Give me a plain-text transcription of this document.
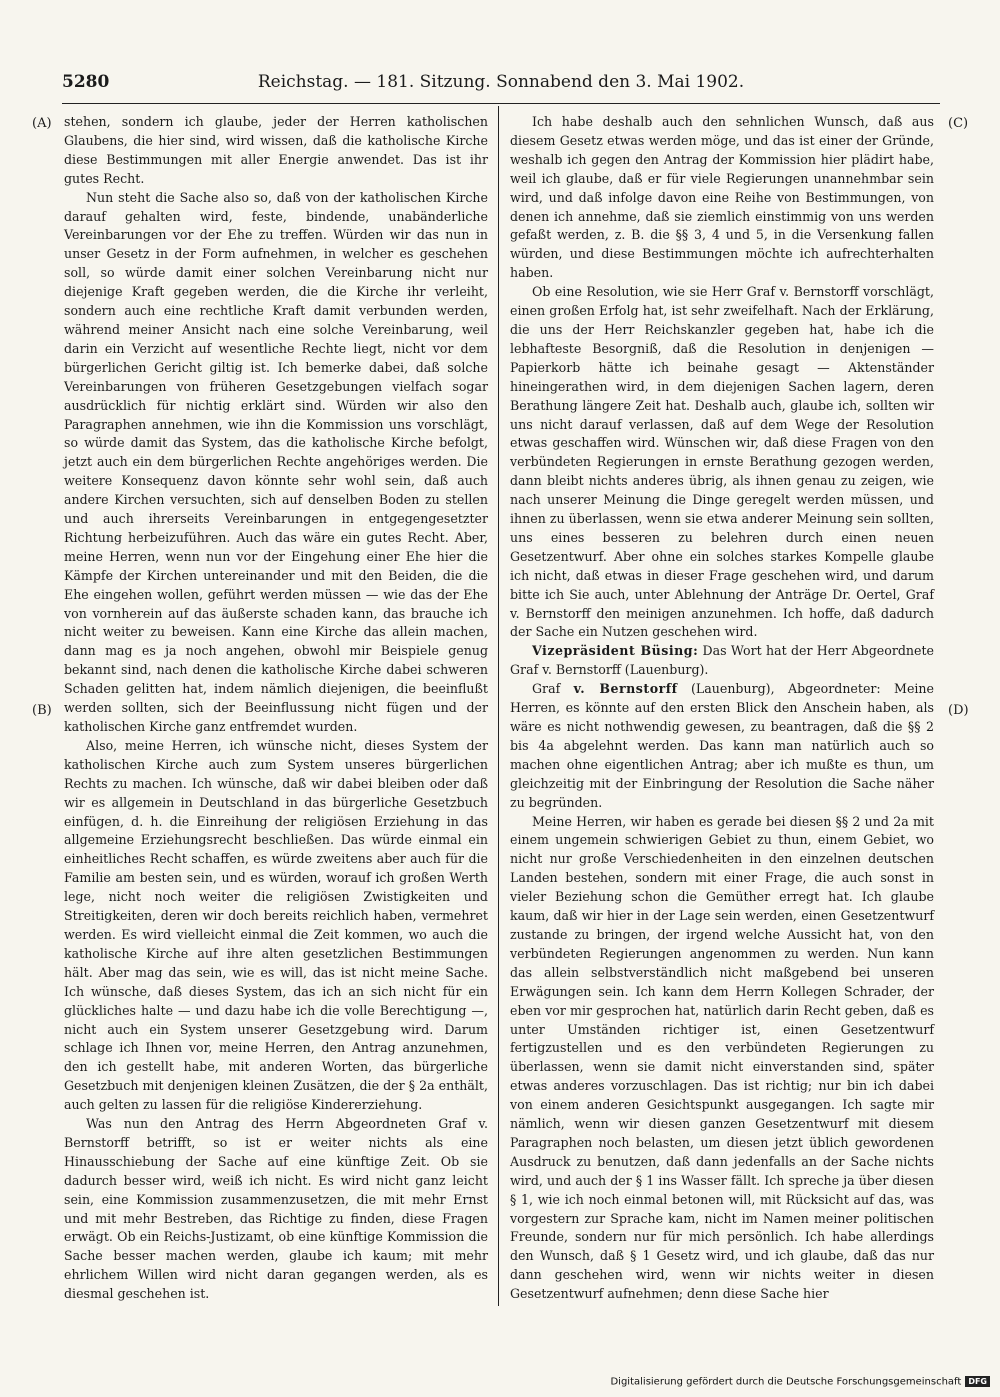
5280	Reichstag. — 181. Sitzung. Sonnabend den 3. Mai 1902.
(A)
(B)
(C)
(D)

stehen, sondern ich glaube, jeder der Herren katholischen Glaubens, die hier sind, wird wissen, daß die katholische Kirche diese Bestimmungen mit aller Energie anwendet. Das ist ihr gutes Recht.

Nun steht die Sache also so, daß von der katholischen Kirche darauf gehalten wird, feste, bindende, unabänderliche Vereinbarungen vor der Ehe zu treffen. Würden wir das nun in unser Gesetz in der Form aufnehmen, in welcher es geschehen soll, so würde damit einer solchen Vereinbarung nicht nur diejenige Kraft gegeben werden, die die Kirche ihr verleiht, sondern auch eine rechtliche Kraft damit verbunden werden, während meiner Ansicht nach eine solche Vereinbarung, weil darin ein Verzicht auf wesentliche Rechte liegt, nicht vor dem bürgerlichen Gericht giltig ist. Ich bemerke dabei, daß solche Vereinbarungen von früheren Gesetzgebungen vielfach sogar ausdrücklich für nichtig erklärt sind. Würden wir also den Paragraphen annehmen, wie ihn die Kommission uns vorschlägt, so würde damit das System, das die katholische Kirche befolgt, jetzt auch ein dem bürgerlichen Rechte angehöriges werden. Die weitere Konsequenz davon könnte sehr wohl sein, daß auch andere Kirchen versuchten, sich auf denselben Boden zu stellen und auch ihrerseits Vereinbarungen in entgegengesetzter Richtung herbeizuführen. Auch das wäre ein gutes Recht. Aber, meine Herren, wenn nun vor der Eingehung einer Ehe hier die Kämpfe der Kirchen untereinander und mit den Beiden, die die Ehe eingehen wollen, geführt werden müssen — wie das der Ehe von vornherein auf das äußerste schaden kann, das brauche ich nicht weiter zu beweisen. Kann eine Kirche das allein machen, dann mag es ja noch angehen, obwohl mir Beispiele genug bekannt sind, nach denen die katholische Kirche dabei schweren Schaden gelitten hat, indem nämlich diejenigen, die beeinflußt werden sollten, sich der Beeinflussung nicht fügen und der katholischen Kirche ganz entfremdet wurden.

Also, meine Herren, ich wünsche nicht, dieses System der katholischen Kirche auch zum System unseres bürgerlichen Rechts zu machen. Ich wünsche, daß wir dabei bleiben oder daß wir es allgemein in Deutschland in das bürgerliche Gesetzbuch einfügen, d. h. die Einreihung der religiösen Erziehung in das allgemeine Erziehungsrecht beschließen. Das würde einmal ein einheitliches Recht schaffen, es würde zweitens aber auch für die Familie am besten sein, und es würden, worauf ich großen Werth lege, nicht noch weiter die religiösen Zwistigkeiten und Streitigkeiten, deren wir doch bereits reichlich haben, vermehret werden. Es wird vielleicht einmal die Zeit kommen, wo auch die katholische Kirche auf ihre alten gesetzlichen Bestimmungen hält. Aber mag das sein, wie es will, das ist nicht meine Sache. Ich wünsche, daß dieses System, das ich an sich nicht für ein glückliches halte — und dazu habe ich die volle Berechtigung —, nicht auch ein System unserer Gesetzgebung wird. Darum schlage ich Ihnen vor, meine Herren, den Antrag anzunehmen, den ich gestellt habe, mit anderen Worten, das bürgerliche Gesetzbuch mit denjenigen kleinen Zusätzen, die der § 2a enthält, auch gelten zu lassen für die religiöse Kindererziehung.

Was nun den Antrag des Herrn Abgeordneten Graf v. Bernstorff betrifft, so ist er weiter nichts als eine Hinausschiebung der Sache auf eine künftige Zeit. Ob sie dadurch besser wird, weiß ich nicht. Es wird nicht ganz leicht sein, eine Kommission zusammenzusetzen, die mit mehr Ernst und mit mehr Bestreben, das Richtige zu finden, diese Fragen erwägt. Ob ein Reichs-Justizamt, ob eine künftige Kommission die Sache besser machen werden, glaube ich kaum; mit mehr ehrlichem Willen wird nicht daran gegangen werden, als es diesmal geschehen ist.

Ich habe deshalb auch den sehnlichen Wunsch, daß aus diesem Gesetz etwas werden möge, und das ist einer der Gründe, weshalb ich gegen den Antrag der Kommission hier plädirt habe, weil ich glaube, daß er für viele Regierungen unannehmbar sein wird, und daß infolge davon eine Reihe von Bestimmungen, von denen ich annehme, daß sie ziemlich einstimmig von uns werden gefaßt werden, z. B. die §§ 3, 4 und 5, in die Versenkung fallen würden, und diese Bestimmungen möchte ich aufrechterhalten haben.

Ob eine Resolution, wie sie Herr Graf v. Bernstorff vorschlägt, einen großen Erfolg hat, ist sehr zweifelhaft. Nach der Erklärung, die uns der Herr Reichskanzler gegeben hat, habe ich die lebhafteste Besorgniß, daß die Resolution in denjenigen — Papierkorb hätte ich beinahe gesagt — Aktenständer hineingerathen wird, in dem diejenigen Sachen lagern, deren Berathung längere Zeit hat. Deshalb auch, glaube ich, sollten wir uns nicht darauf verlassen, daß auf dem Wege der Resolution etwas geschaffen wird. Wünschen wir, daß diese Fragen von den verbündeten Regierungen in ernste Berathung gezogen werden, dann bleibt nichts anderes übrig, als ihnen genau zu zeigen, wie nach unserer Meinung die Dinge geregelt werden müssen, und ihnen zu überlassen, wenn sie etwa anderer Meinung sein sollten, uns eines besseren zu belehren durch einen neuen Gesetzentwurf. Aber ohne ein solches starkes Kompelle glaube ich nicht, daß etwas in dieser Frage geschehen wird, und darum bitte ich Sie auch, unter Ablehnung der Anträge Dr. Oertel, Graf v. Bernstorff den meinigen anzunehmen. Ich hoffe, daß dadurch der Sache ein Nutzen geschehen wird.

Vizepräsident Büsing: Das Wort hat der Herr Abgeordnete Graf v. Bernstorff (Lauenburg).

Graf v. Bernstorff (Lauenburg), Abgeordneter: Meine Herren, es könnte auf den ersten Blick den Anschein haben, als wäre es nicht nothwendig gewesen, zu beantragen, daß die §§ 2 bis 4a abgelehnt werden. Das kann man natürlich auch so machen ohne eigentlichen Antrag; aber ich mußte es thun, um gleichzeitig mit der Einbringung der Resolution die Sache näher zu begründen.

Meine Herren, wir haben es gerade bei diesen §§ 2 und 2a mit einem ungemein schwierigen Gebiet zu thun, einem Gebiet, wo nicht nur große Verschiedenheiten in den einzelnen deutschen Landen bestehen, sondern mit einer Frage, die auch sonst in vieler Beziehung schon die Gemüther erregt hat. Ich glaube kaum, daß wir hier in der Lage sein werden, einen Gesetzentwurf zustande zu bringen, der irgend welche Aussicht hat, von den verbündeten Regierungen angenommen zu werden. Nun kann das allein selbstverständlich nicht maßgebend bei unseren Erwägungen sein. Ich kann dem Herrn Kollegen Schrader, der eben vor mir gesprochen hat, natürlich darin Recht geben, daß es unter Umständen richtiger ist, einen Gesetzentwurf fertigzustellen und es den verbündeten Regierungen zu überlassen, wenn sie damit nicht einverstanden sind, später etwas anderes vorzuschlagen. Das ist richtig; nur bin ich dabei von einem anderen Gesichtspunkt ausgegangen. Ich sagte mir nämlich, wenn wir diesen ganzen Gesetzentwurf mit diesem Paragraphen noch belasten, um diesen jetzt üblich gewordenen Ausdruck zu benutzen, daß dann jedenfalls an der Sache nichts wird, und auch der § 1 ins Wasser fällt. Ich spreche ja über diesen § 1, wie ich noch einmal betonen will, mit Rücksicht auf das, was vorgestern zur Sprache kam, nicht im Namen meiner politischen Freunde, sondern nur für mich persönlich. Ich habe allerdings den Wunsch, daß § 1 Gesetz wird, und ich glaube, daß das nur dann geschehen wird, wenn wir nichts weiter in diesen Gesetzentwurf aufnehmen; denn diese Sache hier

Digitalisierung gefördert durch die Deutsche Forschungsgemeinschaft DFG
